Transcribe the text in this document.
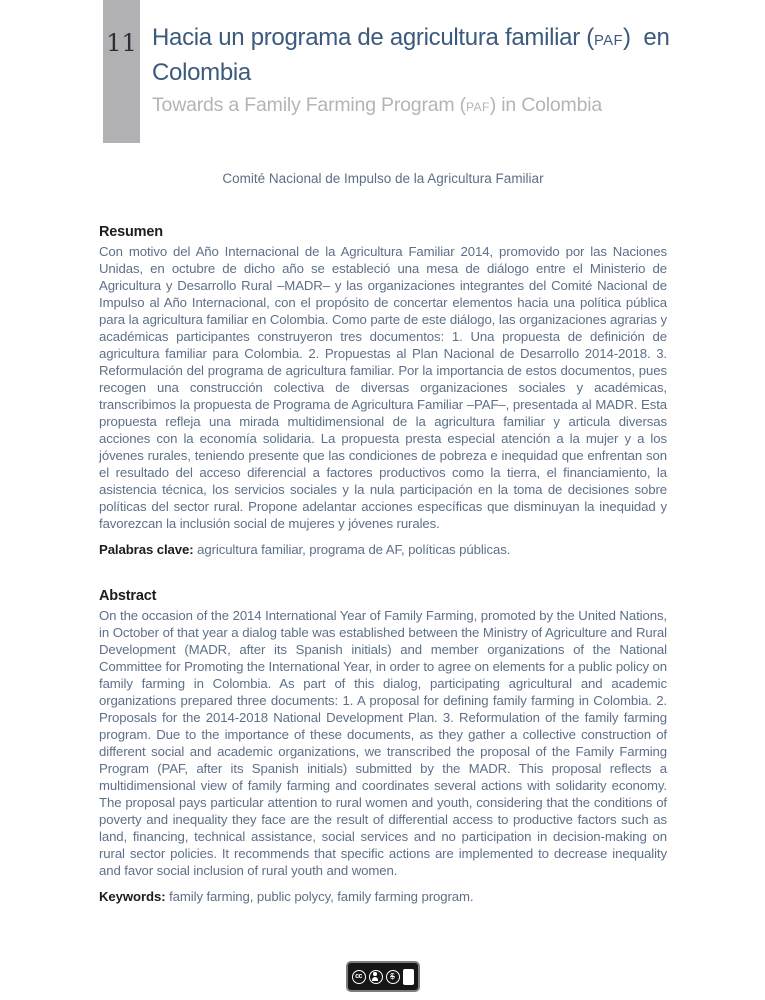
11 Hacia un programa de agricultura familiar (PAF)  en
Colombia
Towards a Family Farming Program (PAF) in Colombia
Comité Nacional de Impulso de la Agricultura Familiar
Resumen

Con motivo del Año Internacional de la Agricultura Familiar 2014, promovido por las Naciones Unidas, en octubre de dicho año se estableció una mesa de diálogo entre el Ministerio de Agricultura y Desarrollo Rural –MADR– y las organizaciones integrantes del Comité Nacional de Impulso al Año Internacional, con el propósito de concertar elementos hacia una política pública para la agricultura familiar en Colombia. Como parte de este diálogo, las organizaciones agrarias y académicas participantes construyeron tres documentos: 1. Una propuesta de definición de agricultura familiar para Colombia. 2. Propuestas al Plan Nacional de Desarrollo 2014-2018. 3. Reformulación del programa de agricultura familiar. Por la importancia de estos documentos, pues recogen una construcción colectiva de diversas organizaciones sociales y académicas, transcribimos la propuesta de Programa de Agricultura Familiar –PAF–, presentada al MADR. Esta propuesta refleja una mirada multidimensional de la agricultura familiar y articula diversas acciones con la economía solidaria. La propuesta presta especial atención a la mujer y a los jóvenes rurales, teniendo presente que las condiciones de pobreza e inequidad que enfrentan son el resultado del acceso diferencial a factores productivos como la tierra, el financiamiento, la asistencia técnica, los servicios sociales y la nula participación en la toma de decisiones sobre políticas del sector rural. Propone adelantar acciones específicas que disminuyan la inequidad y favorezcan la inclusión social de mujeres y jóvenes rurales.

Palabras clave: agricultura familiar, programa de AF, políticas públicas.

Abstract

On the occasion of the 2014 International Year of Family Farming, promoted by the United Nations, in October of that year a dialog table was established between the Ministry of Agriculture and Rural Development (MADR, after its Spanish initials) and member organizations of the National Committee for Promoting the International Year, in order to agree on elements for a public policy on family farming in Colombia. As part of this dialog, participating agricultural and academic organizations prepared three documents: 1. A proposal for defining family farming in Colombia. 2. Proposals for the 2014-2018 National Development Plan. 3. Reformulation of the family farming program. Due to the importance of these documents, as they gather a collective construction of different social and academic organizations, we transcribed the proposal of the Family Farming Program (PAF, after its Spanish initials) submitted by the MADR. This proposal reflects a multidimensional view of family farming and coordinates several actions with solidarity economy. The proposal pays particular attention to rural women and youth, considering that the conditions of poverty and inequality they face are the result of differential access to productive factors such as land, financing, technical assistance, social services and no participation in decision-making on rural sector policies. It recommends that specific actions are implemented to decrease inequality and favor social inclusion of rural youth and women.

Keywords: family farming, public polycy, family farming program.

cc	$
